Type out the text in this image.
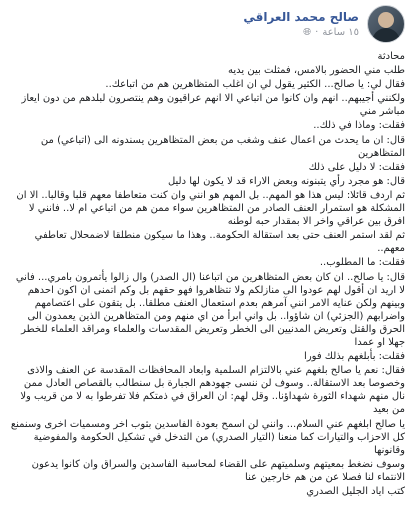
صالح محمد العراقي
١٥ ساعة
·
🌐︎

محادثة

طلب مني الحضور بالامس، فمثلت بين يديه

فقال لي: يا صالح... الكثير يقول لي ان اغلب المتظاهرين هم من اتباعك..

ولكنني أجيبهم.. انهم وان كانوا من اتباعي الا انهم عراقيون وهم ينتصرون لبلدهم من دون ايعاز مباشر مني

فقلت: وماذا في ذلك..

قال: ان ما يحدث من اعمال عنف وشغب من بعض المتظاهرين يسندونه الى (اتباعي) من المتظاهرين

فقلت: لا دليل على ذلك

قال: هو مجرد رأي يتبنونه وبعض الاراء قد لا يكون لها دليل

ثم اردف قائلا: ليس هذا هو المهم.. بل المهم هو انني وان كنت متعاطفا معهم قلبا وقالبا.. الا ان المشكلة هو استمرار العنف الصادر من المتظاهرين سواء ممن هم من اتباعي ام لا.. فانني لا افرق بين عراقي واخر الا بمقدار حبه لوطنه

ثم لقد استمر العنف حتى بعد استقالة الحكومة.. وهذا ما سيكون منطلقا لاضمحلال تعاطفي معهم..

فقلت: ما المطلوب..

قال: يا صالح.. ان كان بعض المتظاهرين من اتباعنا (ال الصدر) وال زالوا يأتمرون بامري... فاني لا اريد ان أقول لهم عودوا الى منازلكم ولا تتظاهروا فهو حقهم بل وكم اتمنى ان اكون احدهم وبينهم ولكن عنايه الامر انني آمرهم بعدم استعمال العنف مطلقا.. بل يتقون على اعتصامهم واضرابهم (الجزئي) ان شاؤوا.. بل واني ابرأ من اي منهم ومن المتظاهرين الذين يعمدون الى الحرق والقتل وتعريض المدنيين الى الخطر وتعريض المقدسات والعلماء ومراقد العلماء للخطر جهلا او عمدا

فقلت: بأبلغهم بذلك فورا

فقال: نعم يا صالح بلغهم عني بالالتزام السلمية وابعاد المحافظات المقدسة عن العنف والاذى وخصوصا بعد الاستقالة.. وسوف لن ننسى جهودهم الجبارة بل سنطالب بالقصاص العادل ممن نال منهم شهداء الثورة شهداؤنا.. وقل لهم: ان العراق في ذمتكم فلا تفرطوا به لا من قريب ولا من بعيد

يا صالح ابلغهم عني السلام... وانني لن اسمح بعودة الفاسدين بثوب اخر ومسميات اخرى وسنمنع كل الاحزاب والتيارات كما منعنا (التيار الصدري) من التدخل في تشكيل الحكومة والمفوضية وقانونها

وسوف نضغط بمعيتهم وسلميتهم على القضاء لمحاسبة الفاسدين والسراق وان كانوا يدعون الانتماء لنا فصلا عن من هم خارجين عنا

كتب اياد الجليل الصدري
